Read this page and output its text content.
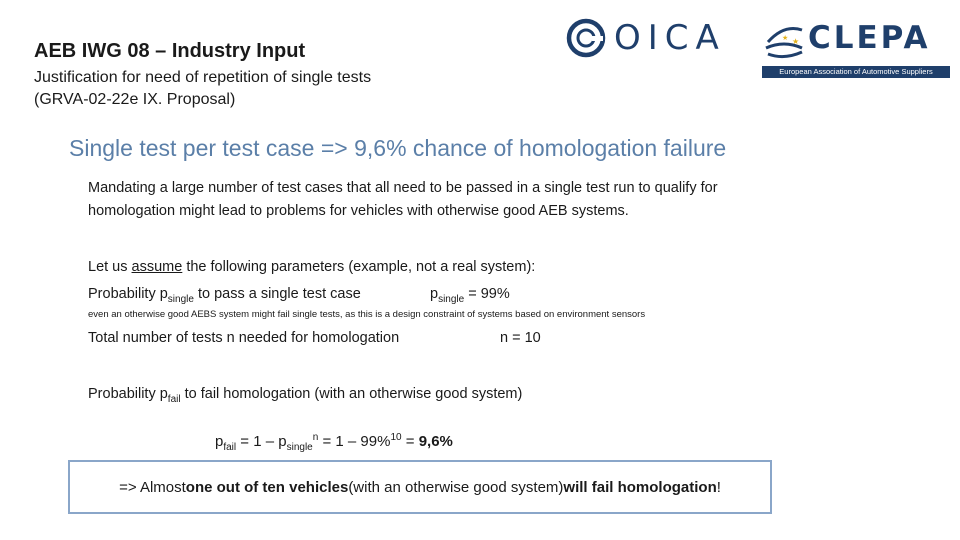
AEB IWG 08 – Industry Input
Justification for need of repetition of single tests
(GRVA-02-22e IX. Proposal)
OICA	★
★ CLEPA
European Association of Automotive Suppliers
Single test per test case => 9,6% chance of homologation failure
Mandating a large number of test cases that all need to be passed in a single test run to qualify for
homologation might lead to problems for vehicles with otherwise good AEB systems.
Let us assume the following parameters (example, not a real system):
Probability $p_{single}$ to pass a single test case	$p_{single} = 99\%$
even an otherwise good AEBS system might fail single tests, as this is a design constraint of systems based on environment sensors
Total number of tests n needed for homologation	n = 10
Probability $p_{fail}$ to fail homologation (with an otherwise good system)
$p_{fail} = 1 - p_{single}^n = 1 - 99\%^{10} = 9,6\%$
=> Almost one out of ten vehicles (with an otherwise good system) will fail homologation !
